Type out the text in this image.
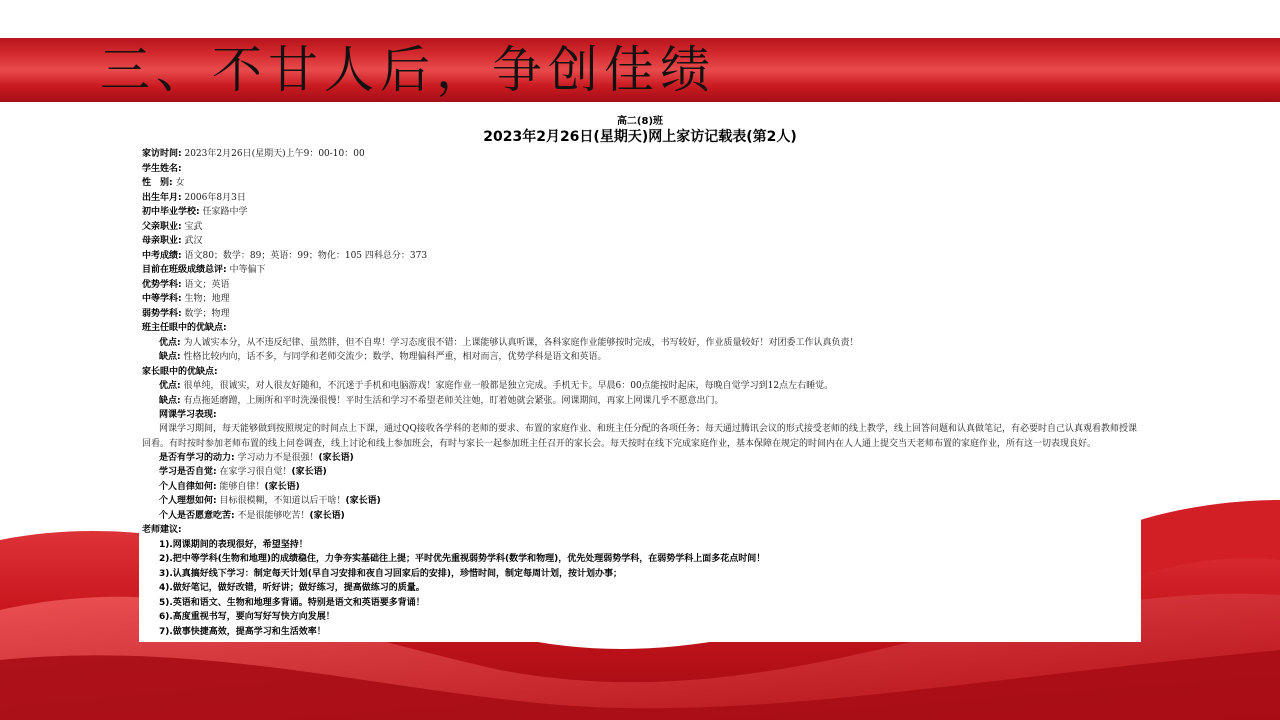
三、不甘人后，争创佳绩
高二(8)班
2023年2月26日(星期天)网上家访记载表(第2人)
家访时间: 2023年2月26日(星期天)上午9：00-10：00
学生姓名:
性　别: 女
出生年月: 2006年8月3日
初中毕业学校: 任家路中学
父亲职业: 宝武
母亲职业: 武汉
中考成绩: 语文80；数学：89；英语：99；物化：105 四科总分：373
目前在班级成绩总评: 中等偏下
优势学科: 语文；英语
中等学科: 生物；地理
弱势学科: 数学；物理
班主任眼中的优缺点:
优点: 为人诚实本分，从不违反纪律、虽然胖，但不自卑！学习态度很不错：上课能够认真听课，各科家庭作业能够按时完成，书写较好，作业质量较好！对团委工作认真负责！
缺点: 性格比较内向，话不多，与同学和老师交流少；数学、物理偏科严重，相对而言，优势学科是语文和英语。
家长眼中的优缺点:
优点: 很单纯，很诚实，对人很友好随和，不沉迷于手机和电脑游戏！家庭作业一般都是独立完成。手机无卡。早晨6：00点能按时起床，每晚自觉学习到12点左右睡觉。
缺点: 有点拖延磨蹭，上厕所和平时洗澡很慢！平时生活和学习不希望老师关注她，盯着她就会紧张。网课期间，再家上网课几乎不愿意出门。
网课学习表现:
网课学习期间，每天能够做到按照规定的时间点上下课，通过QQ接收各学科的老师的要求、布置的家庭作业、和班主任分配的各项任务；每天通过腾讯会议的形式接受老师的线上教学，线上回答问题和认真做笔记，有必要时自己认真观看教师授课回看。有时按时参加老师布置的线上问卷调查，线上讨论和线上参加班会，有时与家长一起参加班主任召开的家长会。每天按时在线下完成家庭作业，基本保障在规定的时间内在人人通上提交当天老师布置的家庭作业，所有这一切表现良好。
是否有学习的动力: 学习动力不是很强！(家长语)
学习是否自觉: 在家学习很自觉！(家长语)
个人自律如何: 能够自律！(家长语)
个人理想如何: 目标很模糊，不知道以后干啥！(家长语)
个人是否愿意吃苦: 不是很能够吃苦！(家长语)
老师建议:
1).网课期间的表现很好，希望坚持！
2).把中等学科(生物和地理)的成绩稳住，力争夯实基础往上提；平时优先重视弱势学科(数学和物理)，优先处理弱势学科，在弱势学科上面多花点时间！
3).认真搞好线下学习：制定每天计划(早自习安排和夜自习回家后的安排)，珍惜时间，制定每周计划，按计划办事；
4).做好笔记，做好改错，听好讲；做好练习，提高做练习的质量。
5).英语和语文、生物和地理多背诵。特别是语文和英语要多背诵！
6).高度重视书写，要向写好写快方向发展！
7).做事快捷高效，提高学习和生活效率！
